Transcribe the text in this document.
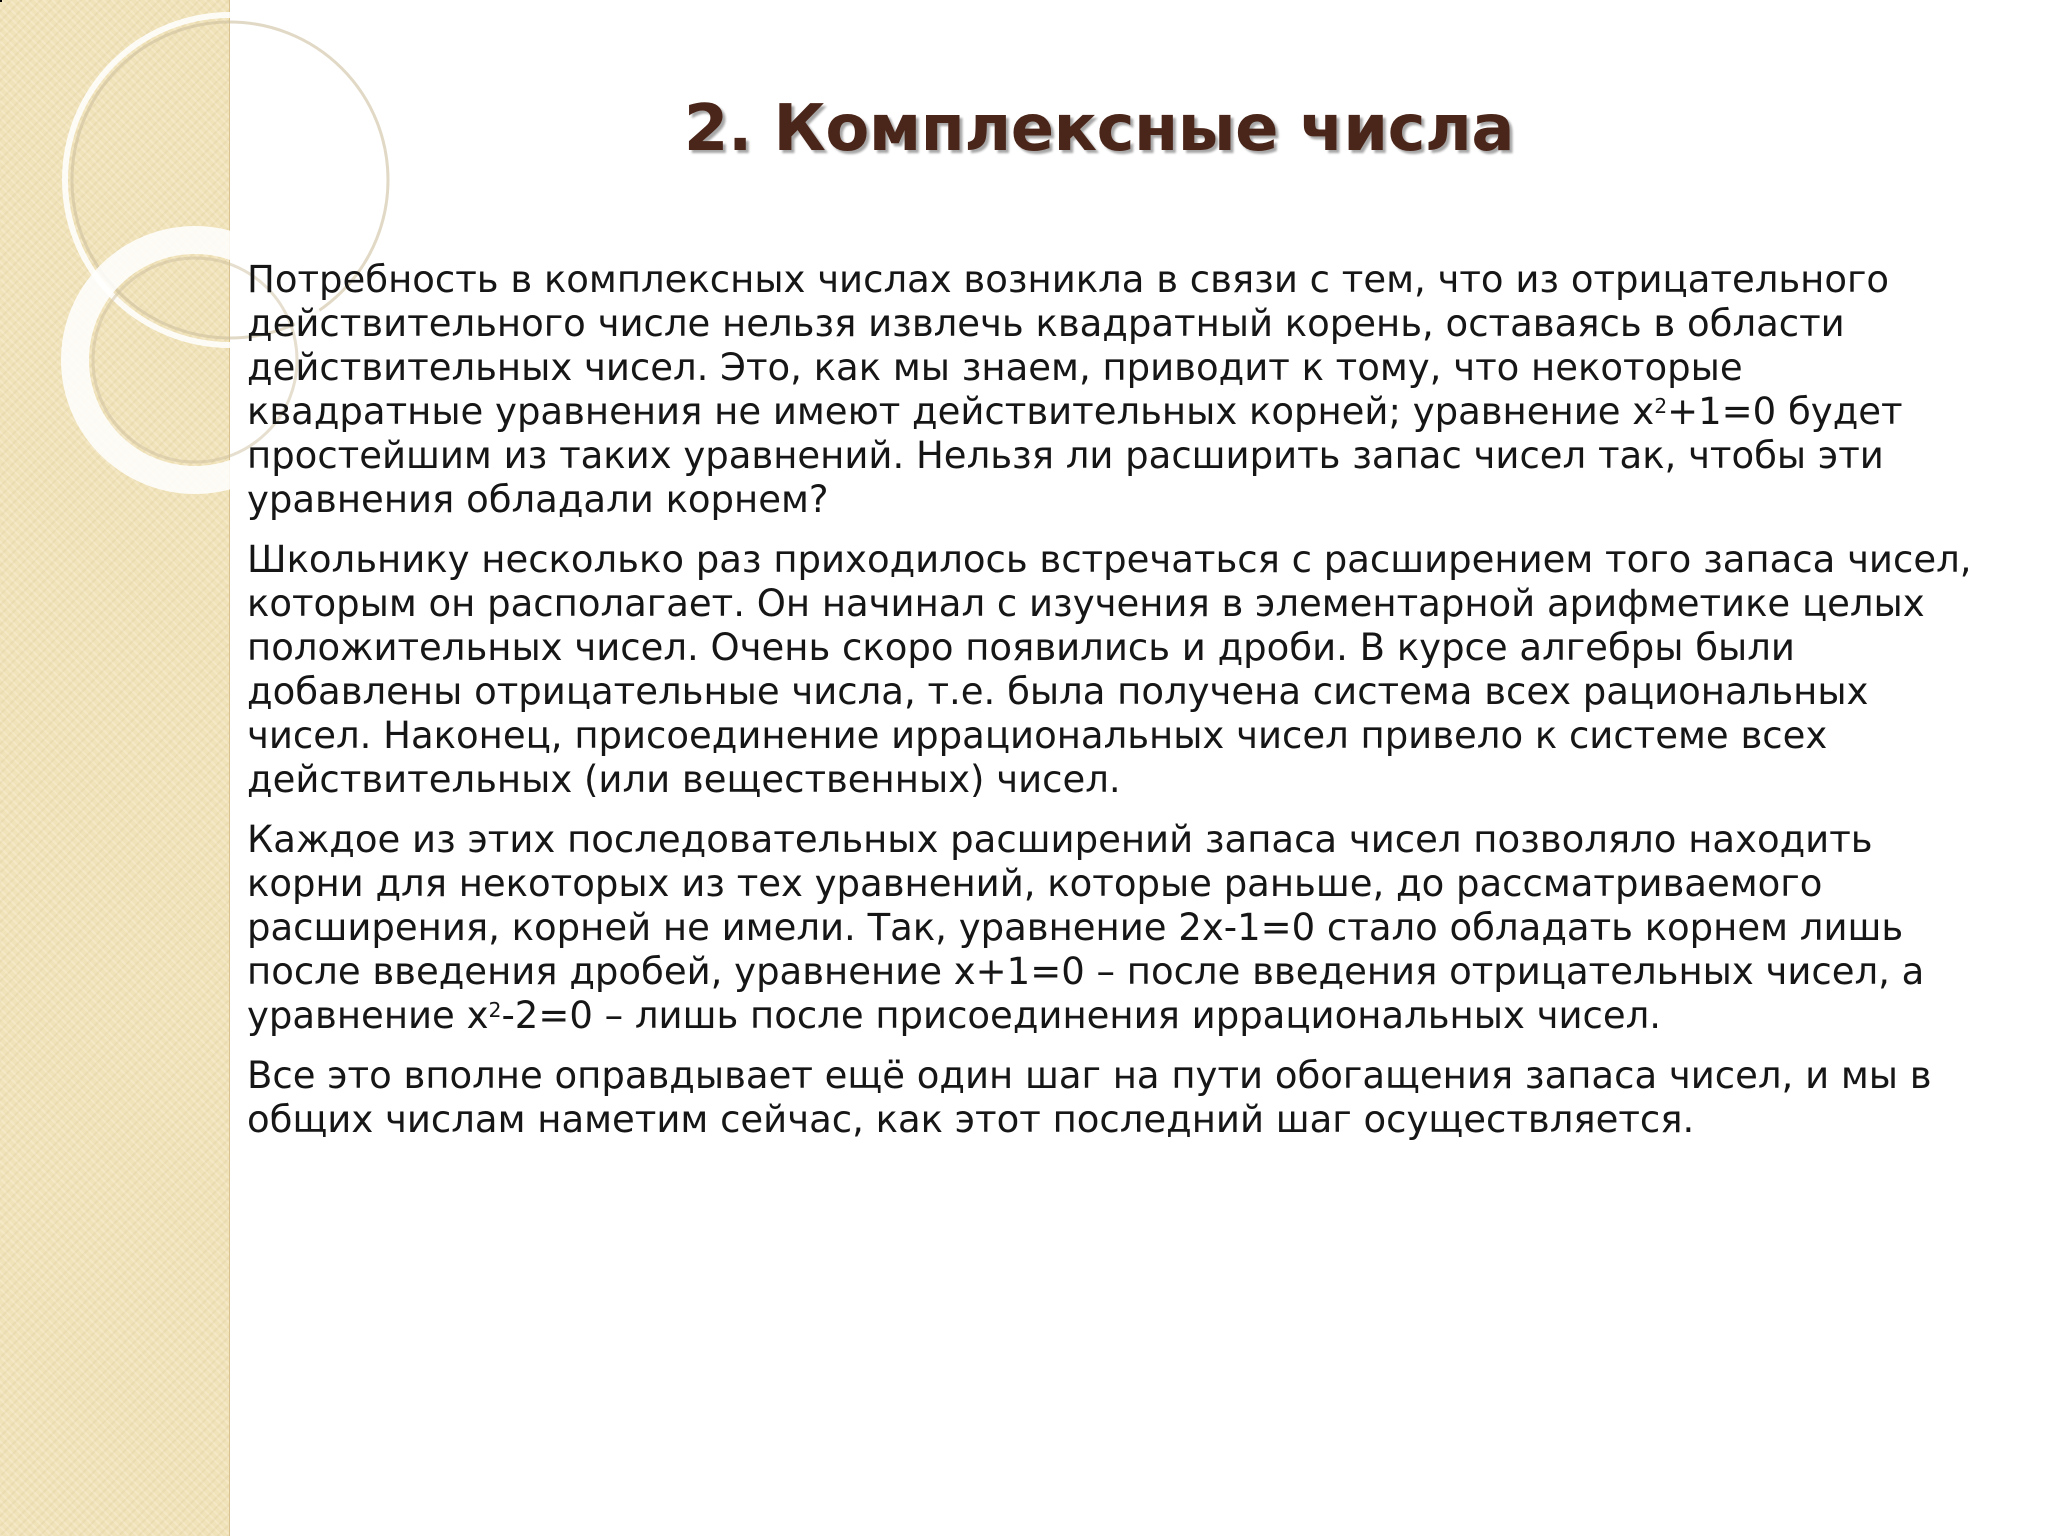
2. Комплексные числа

Потребность в комплексных числах возникла в связи с тем, что из отрицательного действительного числе нельзя извлечь квадратный корень, оставаясь в области действительных чисел. Это, как мы знаем, приводит к тому, что некоторые квадратные уравнения не имеют действительных корней; уравнение $x^2+1=0$ будет простейшим из таких уравнений. Нельзя ли расширить запас чисел так, чтобы эти уравнения обладали корнем?

Школьнику несколько раз приходилось встречаться с расширением того запаса чисел, которым он располагает. Он начинал с изучения в элементарной арифметике целых положительных чисел. Очень скоро появились и дроби. В курсе алгебры были добавлены отрицательные числа, т.е. была получена система всех рациональных чисел. Наконец, присоединение иррациональных чисел привело к системе всех действительных (или вещественных) чисел.

Каждое из этих последовательных расширений запаса чисел позволяло находить корни для некоторых из тех уравнений, которые раньше, до рассматриваемого расширения, корней не имели. Так, уравнение 2x-1=0 стало обладать корнем лишь после введения дробей, уравнение x+1=0 – после введения отрицательных чисел, а уравнение $x^2-2=0$ – лишь после присоединения иррациональных чисел.

Все это вполне оправдывает ещё один шаг на пути обогащения запаса чисел, и мы в общих числам наметим сейчас, как этот последний шаг осуществляется.
